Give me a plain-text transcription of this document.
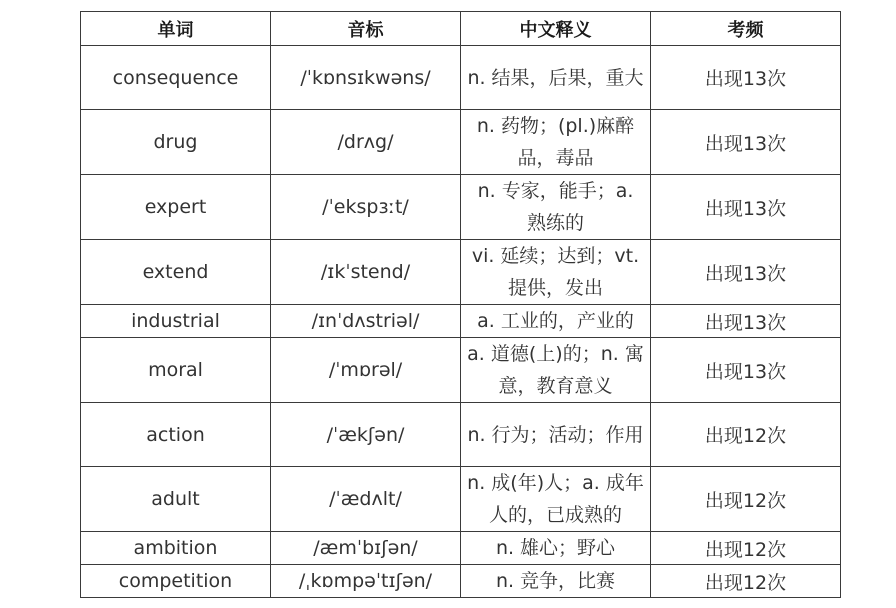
单词	音标	中文释义	考频
consequence	/ˈkɒnsɪkwəns/	n. 结果，后果，重大	出现13次
drug	/drʌg/	n. 药物；(pl.)麻醉品，毒品	出现13次
expert	/ˈekspɜːt/	n. 专家，能手；a. 熟练的	出现13次
extend	/ɪkˈstend/	vi. 延续；达到；vt. 提供，发出	出现13次
industrial	/ɪnˈdʌstriəl/	a. 工业的，产业的	出现13次
moral	/ˈmɒrəl/	a. 道德(上)的；n. 寓意，教育意义	出现13次
action	/ˈækʃən/	n. 行为；活动；作用	出现12次
adult	/ˈædʌlt/	n. 成(年)人；a. 成年人的，已成熟的	出现12次
ambition	/æmˈbɪʃən/	n. 雄心；野心	出现12次
competition	/ˌkɒmpəˈtɪʃən/	n. 竞争，比赛	出现12次
